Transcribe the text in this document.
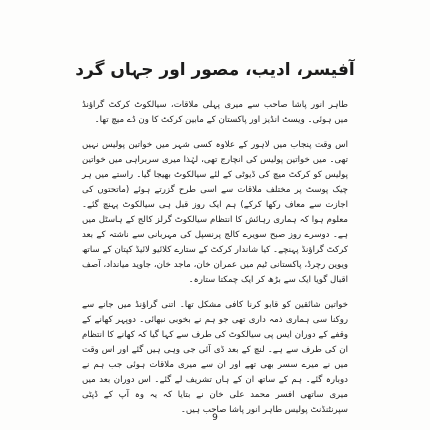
آفیسر، ادیب، مصور اور جہاں گرد

طاہر انور پاشا صاحب سے میری پہلی ملاقات، سیالکوٹ کرکٹ گراؤنڈ میں ہوئی۔ ویسٹ انڈیز اور پاکستان کے مابین کرکٹ کا ون ڈے میچ تھا۔

اس وقت پنجاب میں لاہور کے علاوہ کسی شہر میں خواتین پولیس نہیں تھی۔ میں خواتین پولیس کی انچارج تھی، لہٰذا میری سربراہی میں خواتین پولیس کو کرکٹ میچ کی ڈیوٹی کے لئے سیالکوٹ بھیجا گیا۔ راستے میں ہر چیک پوسٹ پر مختلف ملاقات سے اسی طرح گزرتے ہوئے (ماتحتوں کی اجازت سے معاف رکھا کرکے) ہم ایک روز قبل ہی سیالکوٹ پہنچ گئے۔ معلوم ہوا کہ ہماری رہائش کا انتظام سیالکوٹ گرلز کالج کے ہاسٹل میں ہے۔ دوسرے روز صبح سویرے کالج پرنسپل کی مہربانی سے ناشتہ کے بعد کرکٹ گراؤنڈ پہنچے۔ کیا شاندار کرکٹ کے ستارے کلائیو لائیڈ کپتان کے ساتھ ویوین رچرڈ، پاکستانی ٹیم میں عمران خان، ماجد خان، جاوید میانداد، آصف اقبال گویا ایک سے بڑھ کر ایک چمکتا ستارہ۔

خواتین شائقین کو قابو کرنا کافی مشکل تھا۔ اتنی گراؤنڈ میں جانے سے روکنا سی ہماری ذمہ داری تھی جو ہم نے بخوبی نبھائی۔ دوپہر کھانے کے وقفے کے دوران ایس پی سیالکوٹ کی طرف سے کہا گیا کہ کھانے کا انتظام ان کی طرف سے ہے۔ لنچ کے بعد ڈی آئی جی وہی ہیں گئے اور اس وقت میں نے میرے سسر بھی تھے اور ان سے میری ملاقات ہوئی جب ہم نے دوبارہ گئے۔ ہم کے ساتھ ان کے ہاں تشریف لے گئے۔ اس دوران بعد میں میری ساتھی افسر محمد علی خان نے بتایا کہ یہ وہ آپ کے ڈپٹی سپرنٹنڈنٹ پولیس طاہر انور پاشا صاحب ہیں۔

9
